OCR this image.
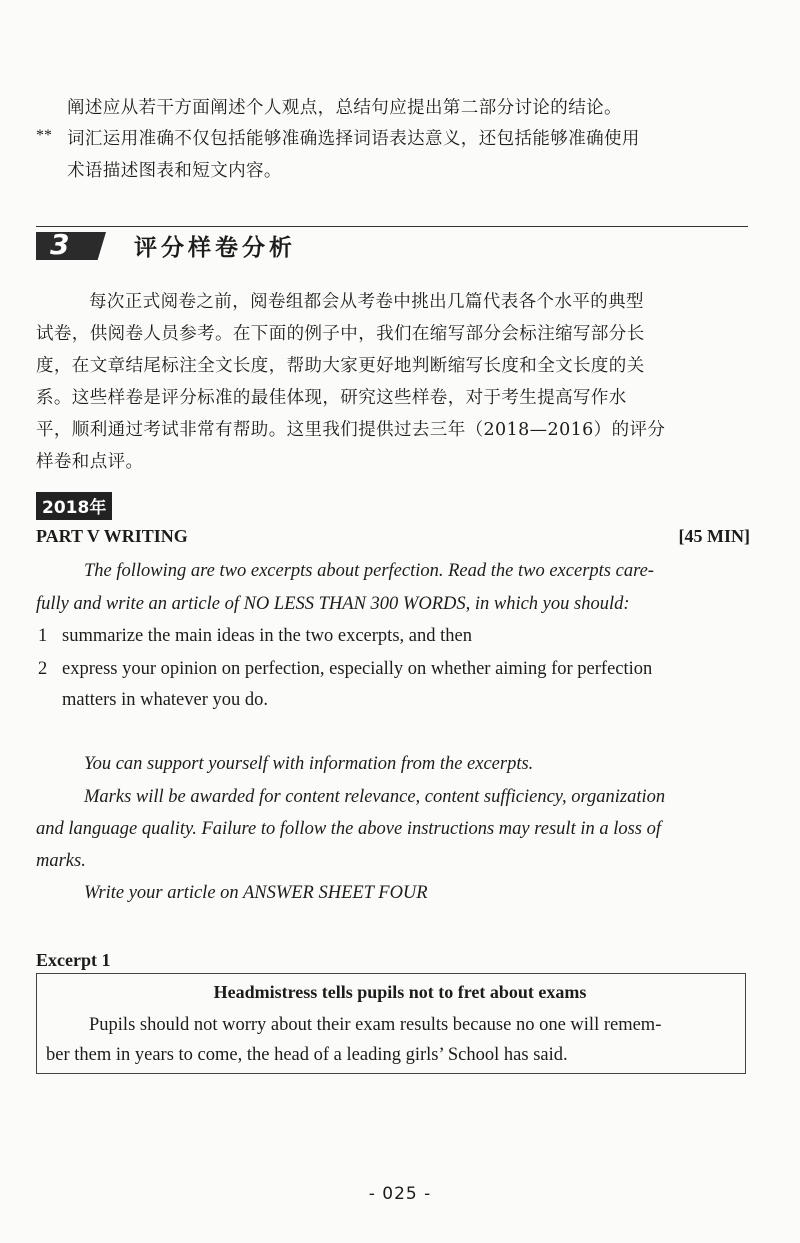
阐述应从若干方面阐述个人观点，总结句应提出第二部分讨论的结论。
** 词汇运用准确不仅包括能够准确选择词语表达意义，还包括能够准确使用
术语描述图表和短文内容。
3	评分样卷分析
每次正式阅卷之前，阅卷组都会从考卷中挑出几篇代表各个水平的典型
试卷，供阅卷人员参考。在下面的例子中，我们在缩写部分会标注缩写部分长
度，在文章结尾标注全文长度，帮助大家更好地判断缩写长度和全文长度的关
系。这些样卷是评分标准的最佳体现，研究这些样卷，对于考生提高写作水
平，顺利通过考试非常有帮助。这里我们提供过去三年（2018—2016）的评分
样卷和点评。
2018年
PART V WRITING	[45 MIN]
The following are two excerpts about perfection. Read the two excerpts care-
fully and write an article of NO LESS THAN 300 WORDS, in which you should:
1 summarize the main ideas in the two excerpts, and then
2 express your opinion on perfection, especially on whether aiming for perfection
matters in whatever you do.
You can support yourself with information from the excerpts.
Marks will be awarded for content relevance, content sufficiency, organization
and language quality. Failure to follow the above instructions may result in a loss of
marks.
Write your article on ANSWER SHEET FOUR
Excerpt 1
Headmistress tells pupils not to fret about exams
Pupils should not worry about their exam results because no one will remem-
ber them in years to come, the head of a leading girls’ School has said.
- 025 -
